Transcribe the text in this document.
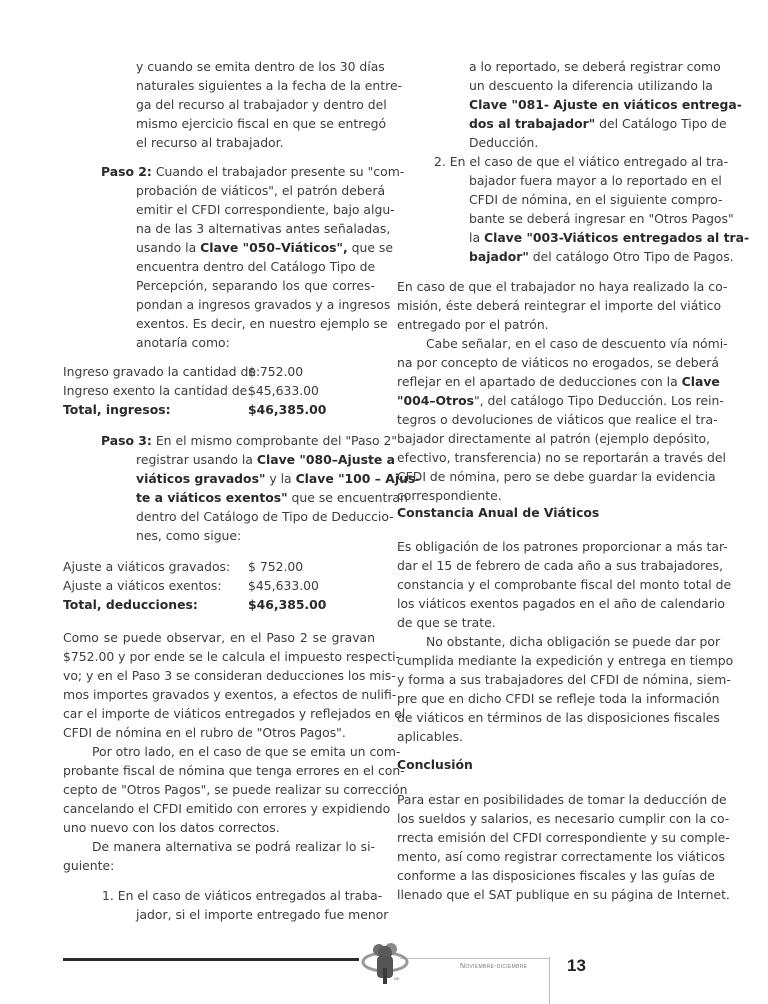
y cuando se emita dentro de los 30 días
naturales siguientes a la fecha de la entre-
ga del recurso al trabajador y dentro del
mismo ejercicio fiscal en que se entregó
el recurso al trabajador.
Paso 2: Cuando el trabajador presente su "com-
probación de viáticos", el patrón deberá
emitir el CFDI correspondiente, bajo algu-
na de las 3 alternativas antes señaladas,
usando la Clave "050–Viáticos", que se
encuentra dentro del Catálogo Tipo de
Percepción, separando los que corres-
pondan a ingresos gravados y a ingresos
exentos. Es decir, en nuestro ejemplo se
anotaría como:
Ingreso gravado la cantidad de:
$ 752.00
Ingreso exento la cantidad de:
$45,633.00
Total, ingresos:	$46,385.00
Paso 3: En el mismo comprobante del "Paso 2"
registrar usando la Clave "080–Ajuste a
viáticos gravados" y la Clave "100 – Ajus-
te a viáticos exentos" que se encuentran
dentro del Catálogo de Tipo de Deduccio-
nes, como sigue:
Ajuste a viáticos gravados: $ 752.00
Ajuste a viáticos exentos: $45,633.00
Total, deducciones:	$46,385.00
Como se puede observar, en el Paso 2 se gravan
$752.00 y por ende se le calcula el impuesto respecti-
vo; y en el Paso 3 se consideran deducciones los mis-
mos importes gravados y exentos, a efectos de nulifi-
car el importe de viáticos entregados y reflejados en el
CFDI de nómina en el rubro de "Otros Pagos".
Por otro lado, en el caso de que se emita un com-
probante fiscal de nómina que tenga errores en el con-
cepto de "Otros Pagos", se puede realizar su corrección
cancelando el CFDI emitido con errores y expidiendo
uno nuevo con los datos correctos.
De manera alternativa se podrá realizar lo si-
guiente:
1. En el caso de viáticos entregados al traba-
jador, si el importe entregado fue menor
a lo reportado, se deberá registrar como
un descuento la diferencia utilizando la
Clave "081- Ajuste en viáticos entrega-
dos al trabajador" del Catálogo Tipo de
Deducción.
2. En el caso de que el viático entregado al tra-
bajador fuera mayor a lo reportado en el
CFDI de nómina, en el siguiente compro-
bante se deberá ingresar en "Otros Pagos"
la Clave "003-Viáticos entregados al tra-
bajador" del catálogo Otro Tipo de Pagos.
En caso de que el trabajador no haya realizado la co-
misión, éste deberá reintegrar el importe del viático
entregado por el patrón.
Cabe señalar, en el caso de descuento vía nómi-
na por concepto de viáticos no erogados, se deberá
reflejar en el apartado de deducciones con la Clave
"004–Otros ", del catálogo Tipo Deducción. Los rein-
tegros o devoluciones de viáticos que realice el tra-
bajador directamente al patrón (ejemplo depósito,
efectivo, transferencia) no se reportarán a través del
CFDI de nómina, pero se debe guardar la evidencia
correspondiente.
Constancia Anual de Viáticos
Es obligación de los patrones proporcionar a más tar-
dar el 15 de febrero de cada año a sus trabajadores,
constancia y el comprobante fiscal del monto total de
los viáticos exentos pagados en el año de calendario
de que se trate.
No obstante, dicha obligación se puede dar por
cumplida mediante la expedición y entrega en tiempo
y forma a sus trabajadores del CFDI de nómina, siem-
pre que en dicho CFDI se refleje toda la información
de viáticos en términos de las disposiciones fiscales
aplicables.
Conclusión
Para estar en posibilidades de tomar la deducción de
los sueldos y salarios, es necesario cumplir con la co-
rrecta emisión del CFDI correspondiente y su comple-
mento, así como registrar correctamente los viáticos
conforme a las disposiciones fiscales y las guías de
llenado que el SAT publique en su página de Internet.
Noviembre-diciembre 13
NE
